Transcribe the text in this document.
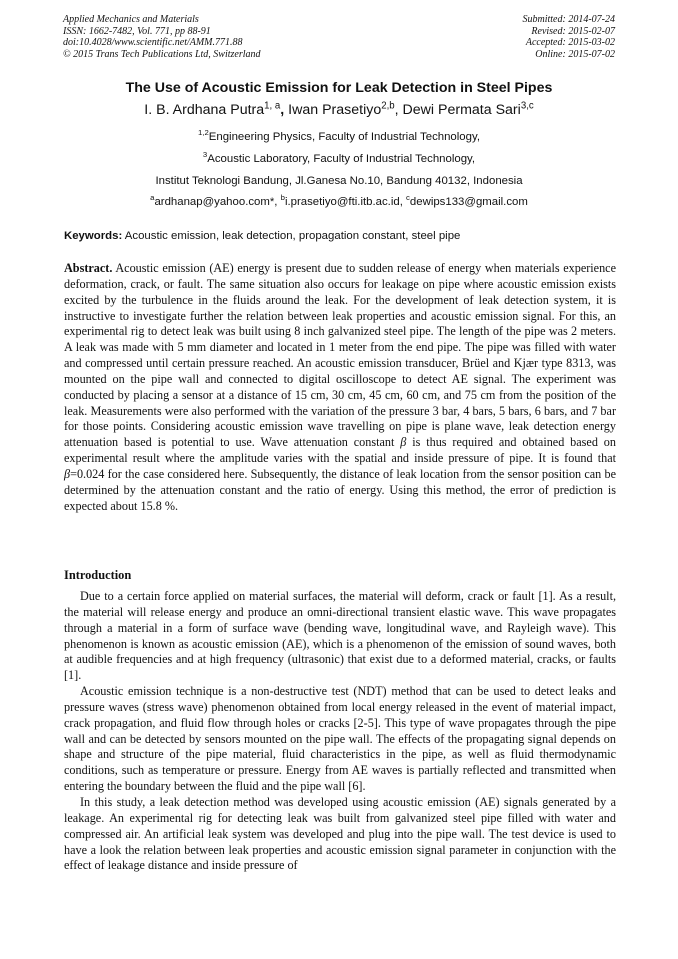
Applied Mechanics and Materials
ISSN: 1662-7482, Vol. 771, pp 88-91
doi:10.4028/www.scientific.net/AMM.771.88
© 2015 Trans Tech Publications Ltd, Switzerland
Submitted: 2014-07-24
Revised: 2015-02-07
Accepted: 2015-03-02
Online: 2015-07-02
The Use of Acoustic Emission for Leak Detection in Steel Pipes
I. B. Ardhana Putra$^{1, a}$, Iwan Prasetiyo$^{2,b}$, Dewi Permata Sari$^{3,c}$
$^{1,2}$Engineering Physics, Faculty of Industrial Technology,
$^3$Acoustic Laboratory, Faculty of Industrial Technology,
Institut Teknologi Bandung, Jl.Ganesa No.10, Bandung 40132, Indonesia
$^a$ardhanap@yahoo.com*, $^b$i.prasetiyo@fti.itb.ac.id, $^c$dewips133@gmail.com
Keywords: Acoustic emission, leak detection, propagation constant, steel pipe

Abstract. Acoustic emission (AE) energy is present due to sudden release of energy when materials experience deformation, crack, or fault. The same situation also occurs for leakage on pipe where acoustic emission exists excited by the turbulence in the fluids around the leak. For the development of leak detection system, it is instructive to investigate further the relation between leak properties and acoustic emission signal. For this, an experimental rig to detect leak was built using 8 inch galvanized steel pipe. The length of the pipe was 2 meters. A leak was made with 5 mm diameter and located in 1 meter from the end pipe. The pipe was filled with water and compressed until certain pressure reached. An acoustic emission transducer, Brüel and Kjær type 8313, was mounted on the pipe wall and connected to digital oscilloscope to detect AE signal. The experiment was conducted by placing a sensor at a distance of 15 cm, 30 cm, 45 cm, 60 cm, and 75 cm from the position of the leak. Measurements were also performed with the variation of the pressure 3 bar, 4 bars, 5 bars, 6 bars, and 7 bar for those points. Considering acoustic emission wave travelling on pipe is plane wave, leak detection energy attenuation based is potential to use. Wave attenuation constant β is thus required and obtained based on experimental result where the amplitude varies with the spatial and inside pressure of pipe. It is found that β=0.024 for the case considered here. Subsequently, the distance of leak location from the sensor position can be determined by the attenuation constant and the ratio of energy. Using this method, the error of prediction is expected about 15.8 %.

Introduction

Due to a certain force applied on material surfaces, the material will deform, crack or fault [1]. As a result, the material will release energy and produce an omni-directional transient elastic wave. This wave propagates through a material in a form of surface wave (bending wave, longitudinal wave, and Rayleigh wave). This phenomenon is known as acoustic emission (AE), which is a phenomenon of the emission of sound waves, both at audible frequencies and at high frequency (ultrasonic) that exist due to a deformed material, cracks, or faults [1].

Acoustic emission technique is a non-destructive test (NDT) method that can be used to detect leaks and pressure waves (stress wave) phenomenon obtained from local energy released in the event of material impact, crack propagation, and fluid flow through holes or cracks [2-5]. This type of wave propagates through the pipe wall and can be detected by sensors mounted on the pipe wall. The effects of the propagating signal depends on shape and structure of the pipe material, fluid characteristics in the pipe, as well as fluid thermodynamic conditions, such as temperature or pressure. Energy from AE waves is partially reflected and transmitted when entering the boundary between the fluid and the pipe wall [6].

In this study, a leak detection method was developed using acoustic emission (AE) signals generated by a leakage. An experimental rig for detecting leak was built from galvanized steel pipe filled with water and compressed air. An artificial leak system was developed and plug into the pipe wall. The test device is used to have a look the relation between leak properties and acoustic emission signal parameter in conjunction with the effect of leakage distance and inside pressure of
